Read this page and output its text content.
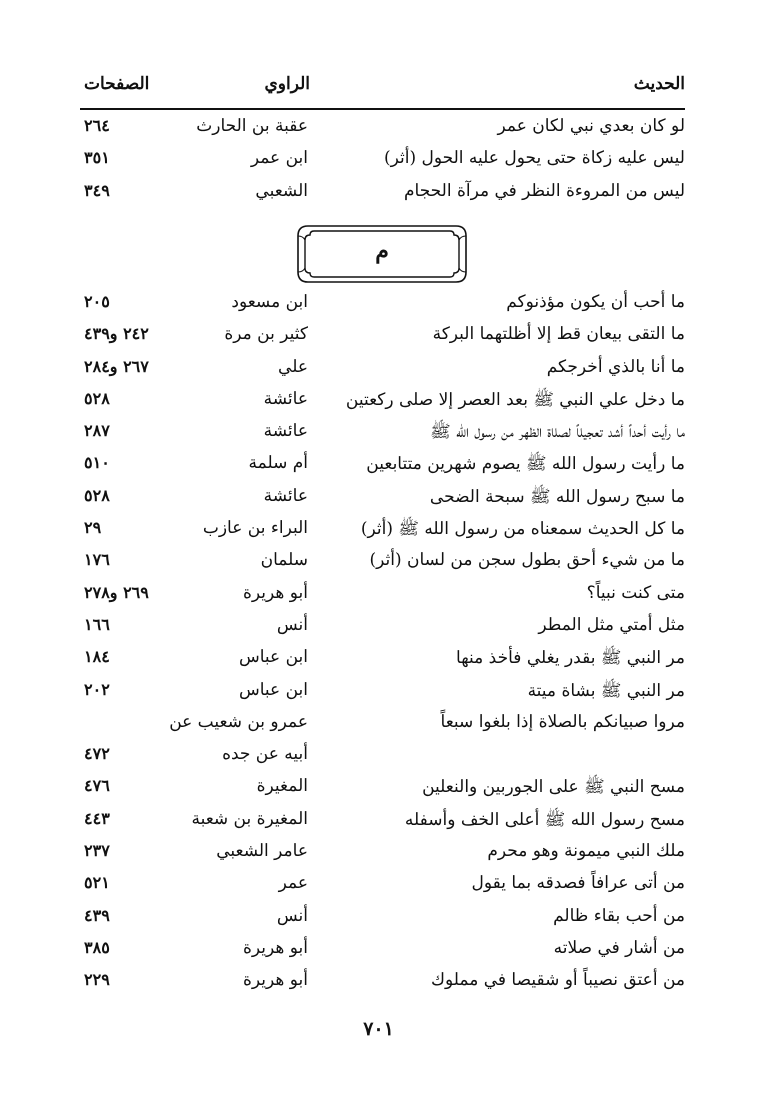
الحديث
الراوي
الصفحات
لو كان بعدي نبي لكان عمر
عقبة بن الحارث
٢٦٤
ليس عليه زكاة حتى يحول عليه الحول (أثر)
ابن عمر
٣٥١
ليس من المروءة النظر في مرآة الحجام
الشعبي
٣٤٩
م
ما أحب أن يكون مؤذنوكم
ابن مسعود
٢٠٥
ما التقى بيعان قط إلا أظلتهما البركة
كثير بن مرة
٢٤٢ و٤٣٩
ما أنا بالذي أخرجكم
علي
٢٦٧ و٢٨٤
ما دخل علي النبي ﷺ بعد العصر إلا صلى ركعتين
عائشة
٥٢٨
ما رأيت أحداً أشد تعجيلاً لصلاة الظهر من رسول الله ﷺ
عائشة
٢٨٧
ما رأيت رسول الله ﷺ يصوم شهرين متتابعين
أم سلمة
٥١٠
ما سبح رسول الله ﷺ سبحة الضحى
عائشة
٥٢٨
ما كل الحديث سمعناه من رسول الله ﷺ (أثر)
البراء بن عازب
٢٩
ما من شيء أحق بطول سجن من لسان (أثر)
سلمان
١٧٦
متى كنت نبياً؟
أبو هريرة
٢٦٩ و٢٧٨
مثل أمتي مثل المطر
أنس
١٦٦
مر النبي ﷺ بقدر يغلي فأخذ منها
ابن عباس
١٨٤
مر النبي ﷺ بشاة ميتة
ابن عباس
٢٠٢
مروا صبيانكم بالصلاة إذا بلغوا سبعاً
عمرو بن شعيب عن
أبيه عن جده
٤٧٢
مسح النبي ﷺ على الجوربين والنعلين
المغيرة
٤٧٦
مسح رسول الله ﷺ أعلى الخف وأسفله
المغيرة بن شعبة
٤٤٣
ملك النبي ميمونة وهو محرم
عامر الشعبي
٢٣٧
من أتى عرافاً فصدقه بما يقول
عمر
٥٢١
من أحب بقاء ظالم
أنس
٤٣٩
من أشار في صلاته
أبو هريرة
٣٨٥
من أعتق نصيباً أو شقيصا في مملوك
أبو هريرة
٢٢٩
٧٠١
